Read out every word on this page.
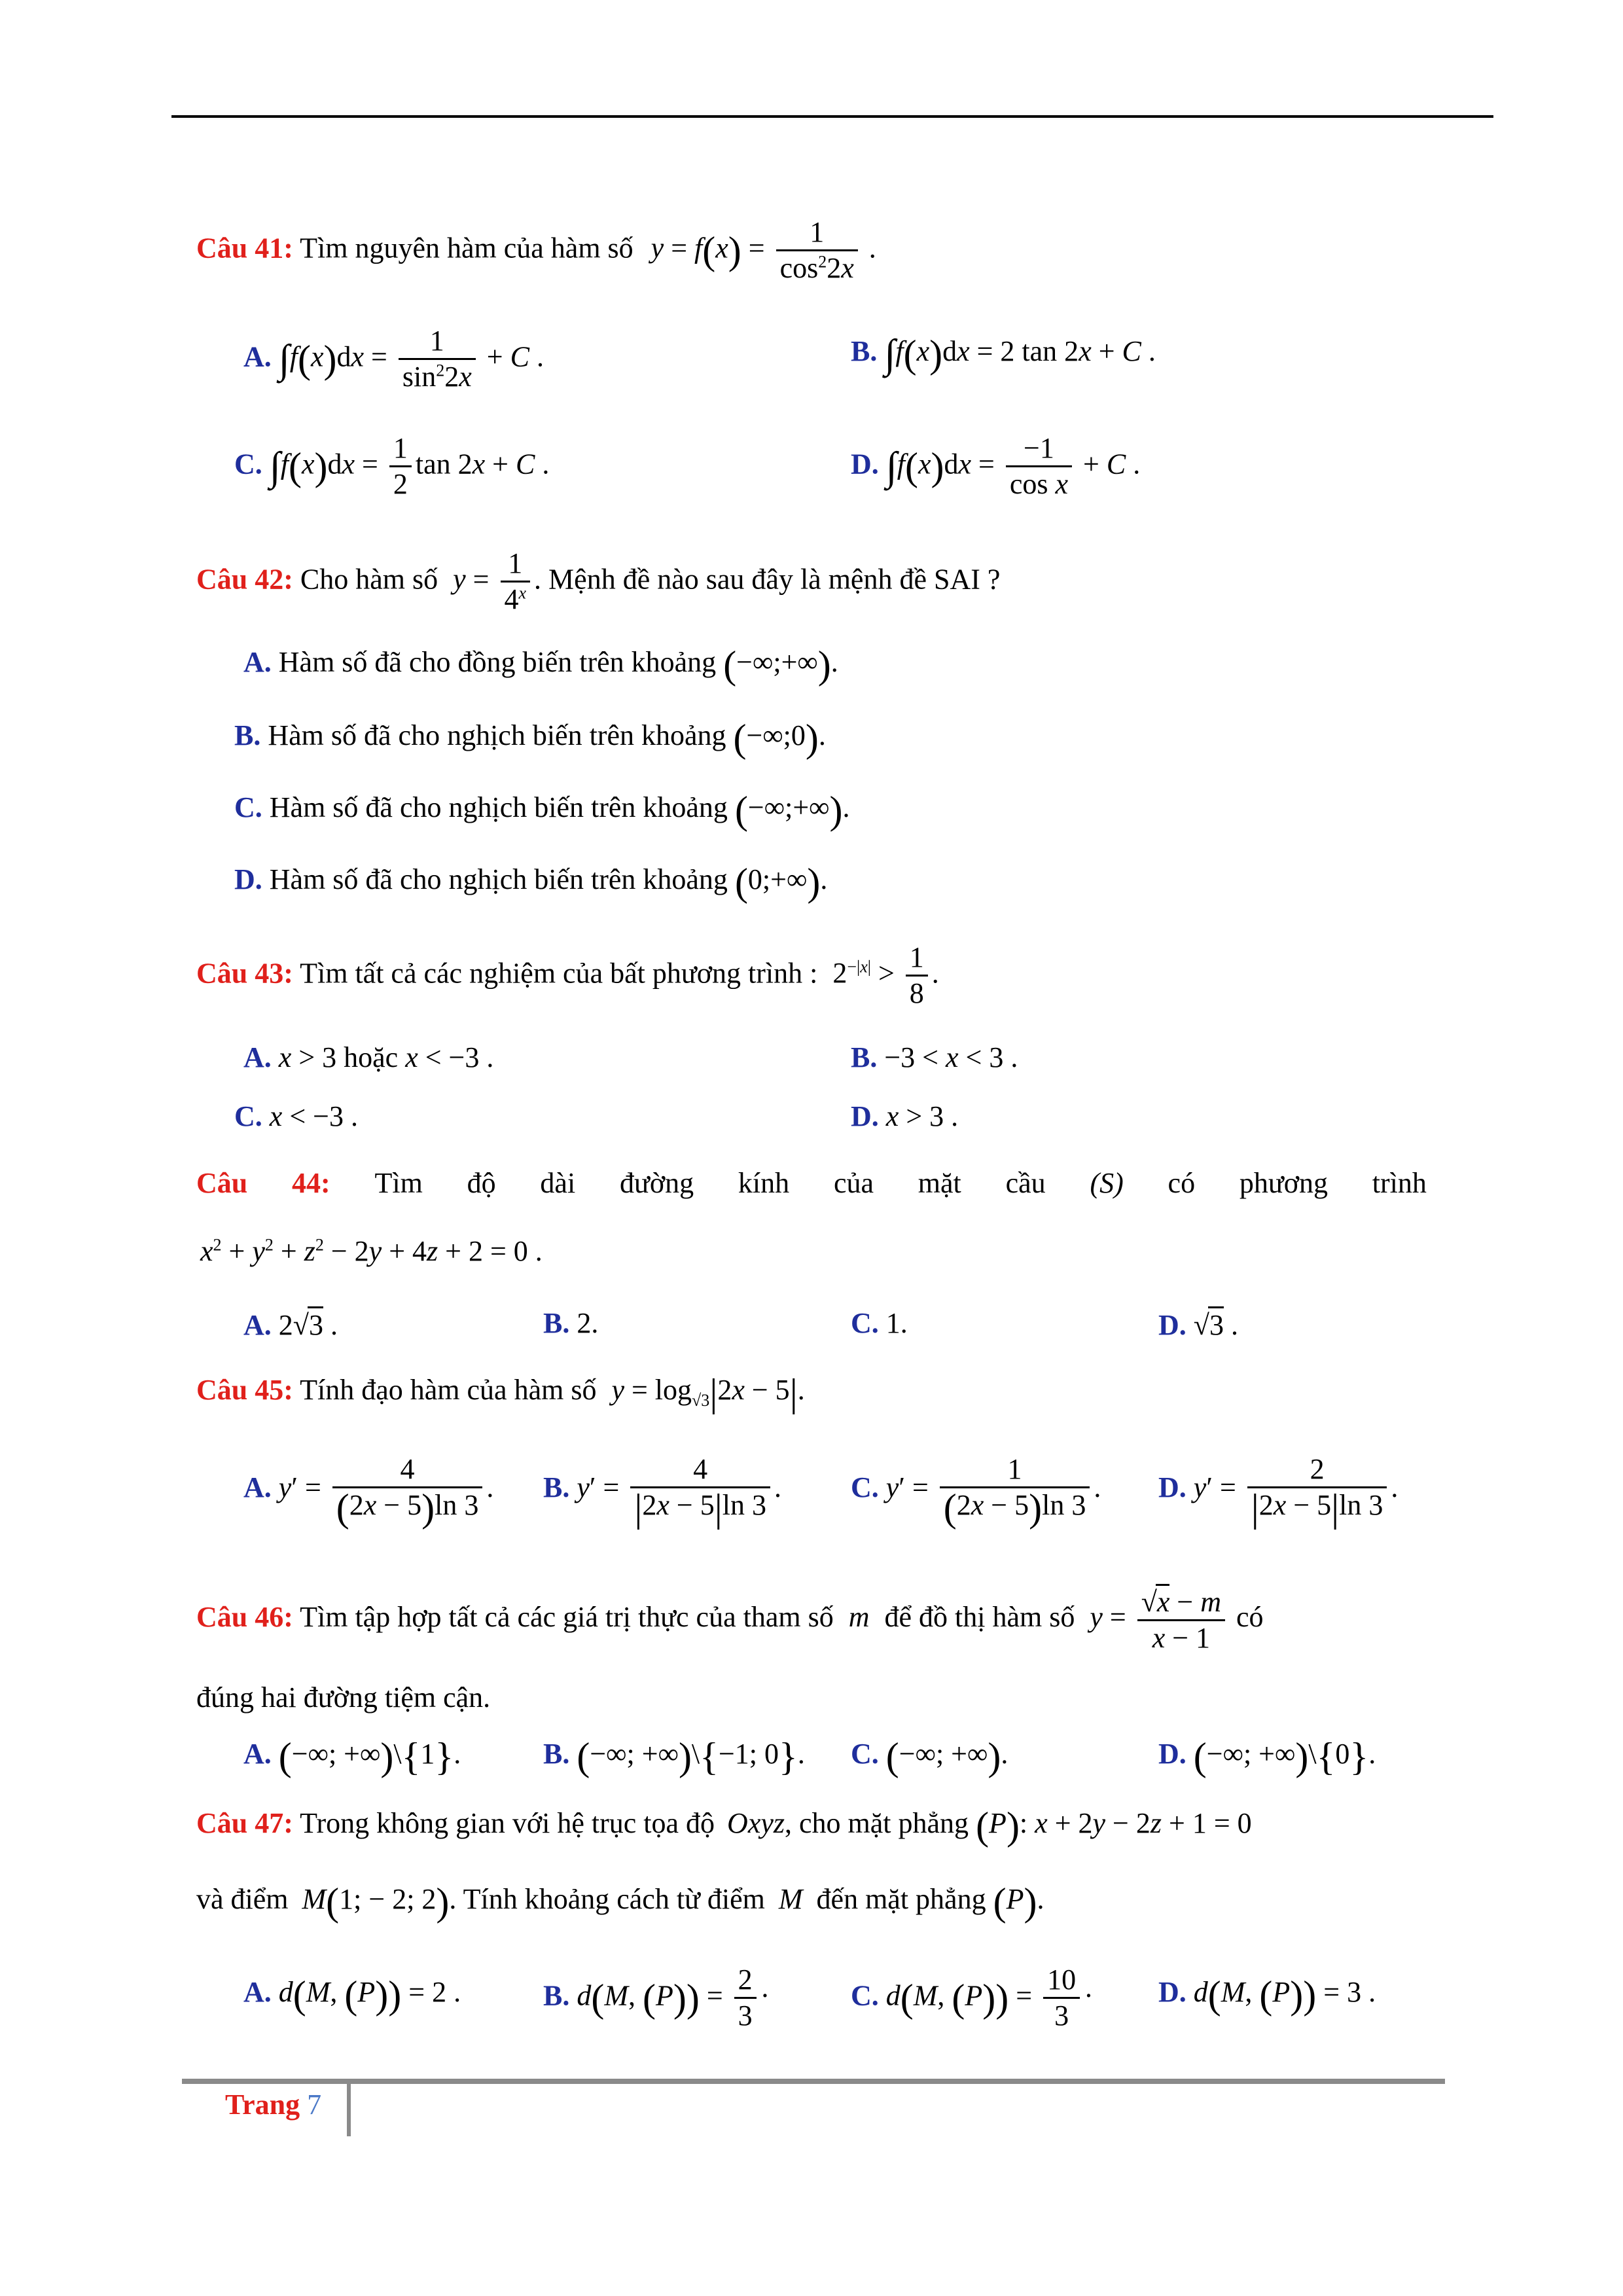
Câu 41: Tìm nguyên hàm của hàm số $y = f(x) = \frac{1}{\cos^22x}$ .
A. $\int f(x)dx = \frac{1}{\sin^22x} + C$ .	B. ∫f(x)dx = 2 tan 2x + C .
C. $\int f(x)dx = \frac{1}{2}$ tan 2x + C .	D. $\int f(x)dx = \frac{-1}{\text{cos x}} + C$ .
Câu 42: Cho hàm số $y = \frac{1}{4^x}$ . Mệnh đề nào sau đây là mệnh đề SAI ?
A. Hàm số đã cho đồng biến trên khoảng (−∞;+∞).
B. Hàm số đã cho nghịch biến trên khoảng (−∞;0).
C. Hàm số đã cho nghịch biến trên khoảng (−∞;+∞).
D. Hàm số đã cho nghịch biến trên khoảng (0;+∞).
Câu 43: Tìm tất cả các nghiệm của bất phương trình : $2^{-|x|} > \frac{1}{8}$ .
A. x > 3 hoặc x < −3 .	B. −3 < x < 3 .
C. x < −3 .	D. x > 3 .
Câu 44: Tìm độ dài đường kính của mặt cầu (S) có phương trình
$x^2 + y^2 + z^2 - 2y + 4z + 2 = 0$ .
A. 2√3 .	B. 2.	C. 1.	D. √3 .
Câu 45: Tính đạo hàm của hàm số $y = \log_{√3}|2x - 5|$.
A. $y' = \frac{4}{(2x - 5)\ln 3}$ . B. $y' = \frac{4}{|2x - 5|\ln 3}$ . C. $y' = \frac{1}{(2x - 5)\ln 3}$ . D. $y' = \frac{2}{|2x - 5|\ln 3}$ .
Câu 46: Tìm tập hợp tất cả các giá trị thực của tham số m để đồ thị hàm số $y = \frac{√x - m}{x - 1}$ có
đúng hai đường tiệm cận.
A. (−∞; +∞)\{1}.	B. (−∞; +∞)\{−1; 0}. C. (−∞; +∞).	D. (−∞; +∞)\{0}.
Câu 47: Trong không gian với hệ trục tọa độ Oxyz, cho mặt phẳng (P): x + 2y − 2z + 1 = 0
và điểm M(1; − 2; 2). Tính khoảng cách từ điểm M đến mặt phẳng (P).
A. d(M, (P)) = 2 .	B. d(M, $(P)) = \frac{2}{3}$ ·	C. d(M, $(P)) = \frac{10}{3} \cdot D$. d(M, (P)) = 3 .
Trang 7
